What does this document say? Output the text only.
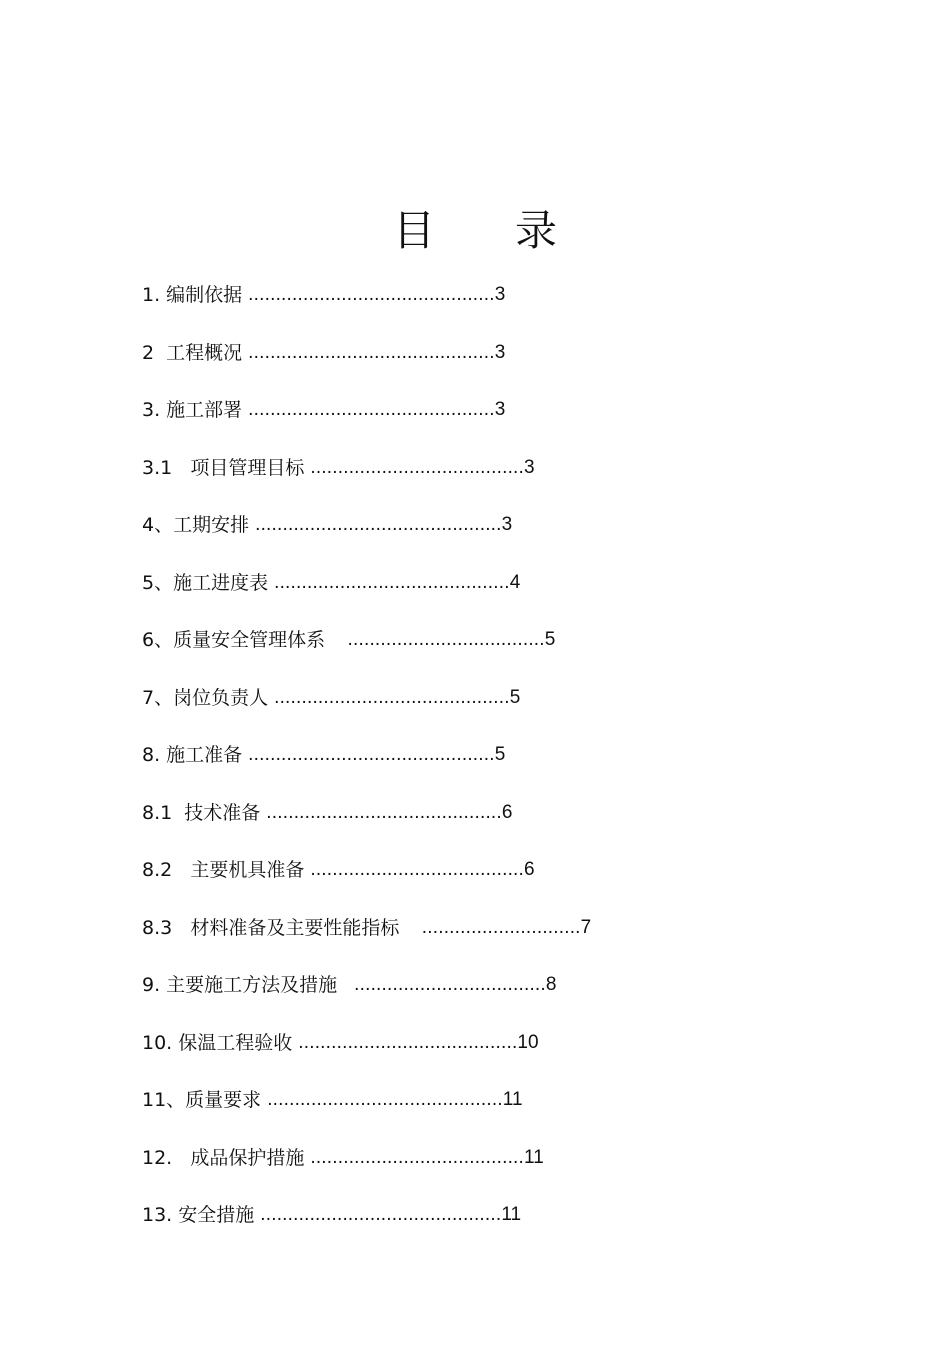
目      录
1. 编制依据 ............................................. 3
2  工程概况 ............................................. 3
3. 施工部署 ............................................. 3
3.1   项目管理目标 ....................................... 3
4、工期安排 ............................................. 3
5、施工进度表 ........................................... 4
6、质量安全管理体系 .................................... 5
7、岗位负责人 ........................................... 5
8. 施工准备 ............................................. 5
8.1  技术准备 ........................................... 6
8.2   主要机具准备 ....................................... 6
8.3   材料准备及主要性能指标 ............................. 7
9. 主要施工方法及措施 ................................... 8
10. 保温工程验收 ........................................ 10
11、质量要求 ........................................... 11
12.   成品保护措施 ....................................... 11
13. 安全措施 ............................................ 11
